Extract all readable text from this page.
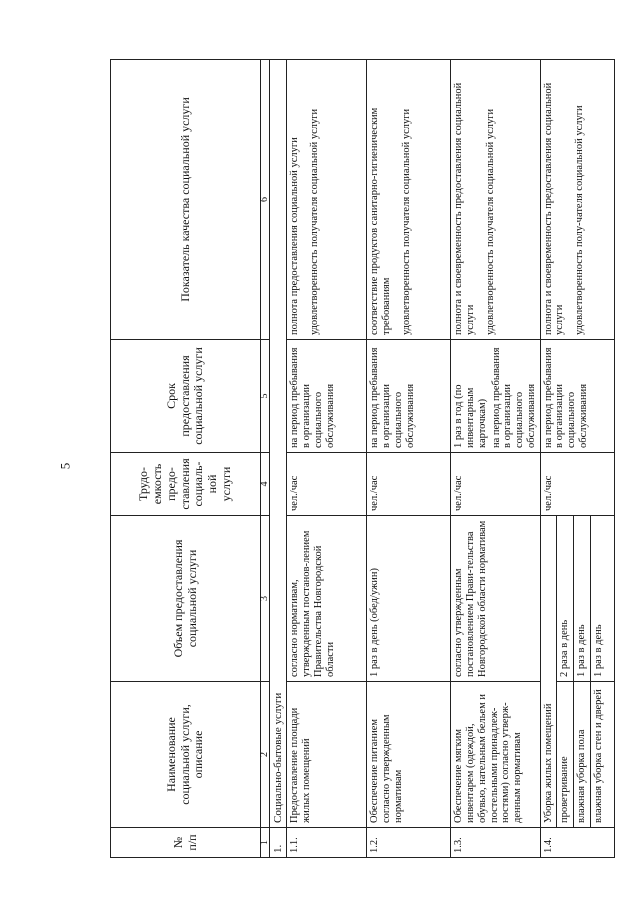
5
№ п/п	Наименование социальной услуги, описание	Объем предоставления социальной услуги	Трудо-емкость предо-ставления социаль-ной услуги	Срок предоставления социальной услуги	Показатель качества социальной услуги
1	2	3	4	5	6
1.	Социально-бытовые услуги				
1.1.	Предоставление площади жилых помещений	согласно нормативам, утвержденным постанов-лением Правительства Новгородской области	чел./час	на период пребывания в организации социального обслуживания	полнота предоставления социальной услуги удовлетворенность получателя социальной услуги

1.2.	Обеспечение питанием согласно утвержденным нормативам	1 раз в день (обед/ужин)	чел./час	на период пребывания в организации социального обслуживания	соответствие продуктов санитарно-гигиеническим требованиям удовлетворенность получателя социальной услуги

1.3.	Обеспечение мягким инвентарем (одеждой, обувью, нательным бельем и постельными принадлеж-ностями) согласно утверж-денным нормативам	согласно утвержденным постановлением Прави-тельства Новгородской области нормативам	чел./час	1 раз в год (по инвентарным карточкам) на период пребывания в организации социального обслуживания	полнота и своевременность предоставления социальной услуги удовлетворенность получателя социальной услуги

1.4.	Уборка жилых помещений		чел./час	на период пребывания в организации социального обслуживания	полнота и своевременность предоставления социальной услуги удовлетворенность полу-чателя социальной услуги

	проветривание	2 раза в день			
	влажная уборка пола	1 раз в день			
	влажная уборка стен и дверей	1 раз в день			
